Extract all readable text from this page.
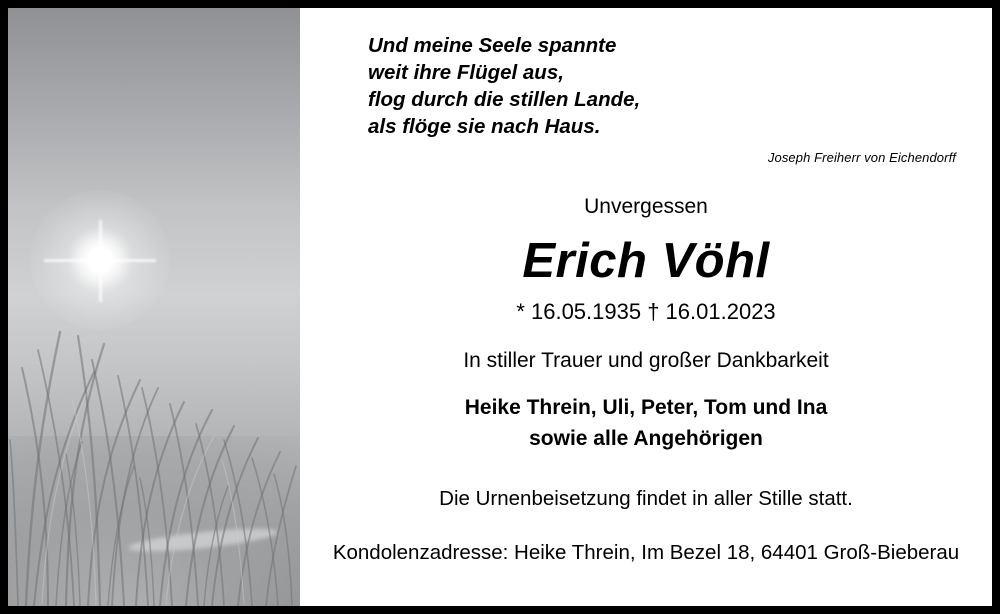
Und meine Seele spannte
weit ihre Flügel aus,
flog durch die stillen Lande,
als flöge sie nach Haus.
Joseph Freiherr von Eichendorff
Unvergessen
Erich Vöhl
* 16.05.1935 † 16.01.2023
In stiller Trauer und großer Dankbarkeit
Heike Threin, Uli, Peter, Tom und Ina
sowie alle Angehörigen
Die Urnenbeisetzung findet in aller Stille statt.
Kondolenzadresse: Heike Threin, Im Bezel 18, 64401 Groß-Bieberau
